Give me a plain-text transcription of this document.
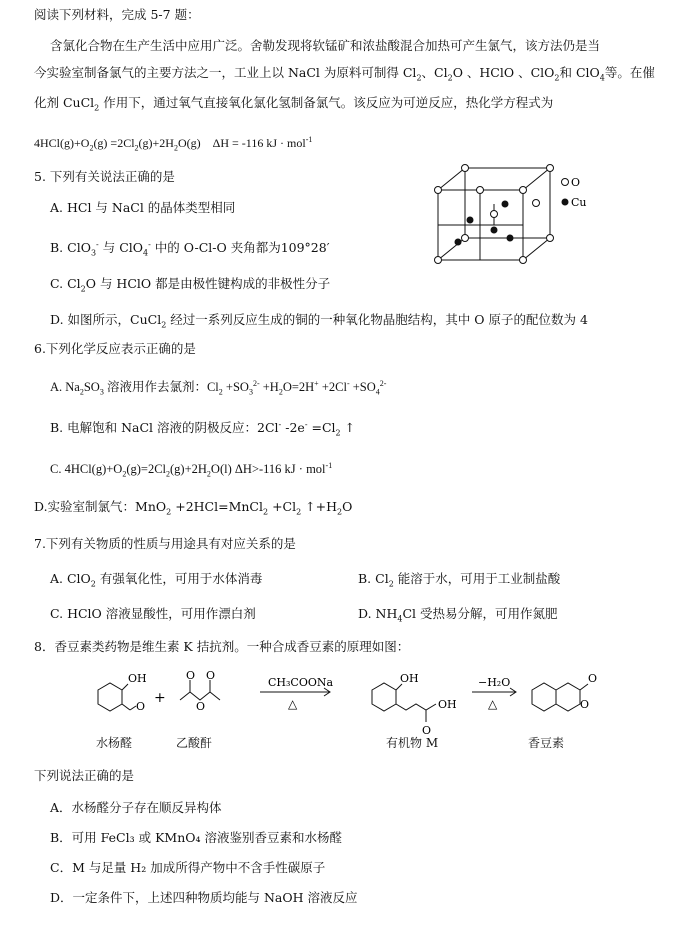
阅读下列材料，完成 5-7 题：
含氯化合物在生产生活中应用广泛。舍勒发现将软锰矿和浓盐酸混合加热可产生氯气，该方法仍是当
今实验室制备氯气的主要方法之一，工业上以 NaCl 为原料可制得 $Cl_2$、$Cl_2O$ 、HClO 、ClO$_2$和 ClO$_4$等。在催
化剂 CuCl$_2$ 作用下，通过氧气直接氧化氯化氢制备氯气。该反应为可逆反应，热化学方程式为
$4HCl(g)+O_2(g) =2Cl_2(g)+2H_2O(g) \Delta H = -116$ kJ · mol$^{-1}$
5. 下列有关说法正确的是
A. HCl 与 NaCl 的晶体类型相同
B. ClO$_3$- 与 ClO$_4$- 中的 O-Cl-O 夹角都为109°28′
C. $Cl_2O$ 与 HClO 都是由极性键构成的非极性分子
D. 如图所示，CuCl$_2$ 经过一系列反应生成的铜的一种氧化物晶胞结构，其中 O 原子的配位数为 4
O
Cu
6.下列化学反应表示正确的是
A. $Na_2SO_3$ 溶液用作去氯剂：$Cl_2 +SO_3^{2-} +H_2O=2H^+ +2Cl^- +SO_4^{2-}$
B. 电解饱和 NaCl 溶液的阴极反应：2Cl- $-2e^- =Cl_2$ ↑
C. $4HCl(g)+O_2(g)=2Cl_2(g)+2H_2O(l)$ ΔH>-116 kJ · mol$^{-1}$
D.实验室制氯气：MnO$_2$ +2HCl=MnCl$_2$ $+Cl_2$ $↑+H_2O$
7.下列有关物质的性质与用途具有对应关系的是
A. ClO$_2$ 有强氧化性，可用于水体消毒	B. $Cl_2$ 能溶于水，可用于工业制盐酸
C. HClO 溶液显酸性，可用作漂白剂	D. $NH_4Cl$ 受热易分解，可用作氮肥
8．香豆素类药物是维生素 K 拮抗剂。一种合成香豆素的原理如图：
OH
O
+
O O
O
CH₃COONa
△
OH
OH
O
−H₂O
△	O
O
水杨醛	乙酸酐	有机物 M	香豆素
下列说法正确的是
A．水杨醛分子存在顺反异构体
B．可用 FeCl₃ 或 KMnO₄ 溶液鉴别香豆素和水杨醛
C．M 与足量 H₂ 加成所得产物中不含手性碳原子
D．一定条件下，上述四种物质均能与 NaOH 溶液反应
